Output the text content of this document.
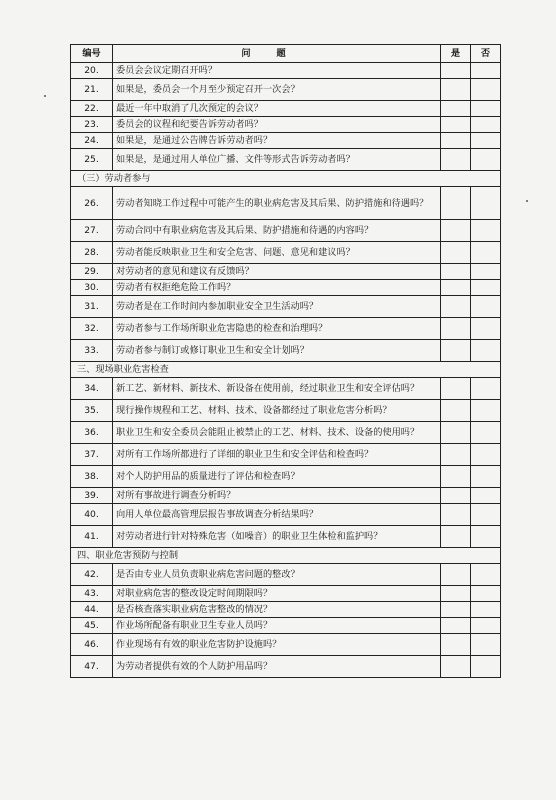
编号	问题	是	否
20.	委员会会议定期召开吗？		
21.	如果是，委员会一个月至少预定召开一次会？		
22.	最近一年中取消了几次预定的会议？		
23.	委员会的议程和纪要告诉劳动者吗？		
24.	如果是，是通过公告牌告诉劳动者吗？		
25.	如果是，是通过用人单位广播、文件等形式告诉劳动者吗？		
（三）劳动者参与			
26.	劳动者知晓工作过程中可能产生的职业病危害及其后果、防护措施和待遇吗？		
27.	劳动合同中有职业病危害及其后果、防护措施和待遇的内容吗？		
28.	劳动者能反映职业卫生和安全危害、问题、意见和建议吗？		
29.	对劳动者的意见和建议有反馈吗？		
30.	劳动者有权拒绝危险工作吗？		
31.	劳动者是在工作时间内参加职业安全卫生活动吗？		
32.	劳动者参与工作场所职业危害隐患的检查和治理吗？		
33.	劳动者参与制订或修订职业卫生和安全计划吗？		
三、现场职业危害检查			
34.	新工艺、新材料、新技术、新设备在使用前，经过职业卫生和安全评估吗？		
35.	现行操作规程和工艺、材料、技术、设备都经过了职业危害分析吗？		
36.	职业卫生和安全委员会能阻止被禁止的工艺、材料、技术、设备的使用吗？		
37.	对所有工作场所都进行了详细的职业卫生和安全评估和检查吗？		
38.	对个人防护用品的质量进行了评估和检查吗？		
39.	对所有事故进行调查分析吗？		
40.	向用人单位最高管理层报告事故调查分析结果吗？		
41.	对劳动者进行针对特殊危害（如噪音）的职业卫生体检和监护吗？		
四、职业危害预防与控制			
42.	是否由专业人员负责职业病危害问题的整改？		
43.	对职业病危害的整改设定时间期限吗？		
44.	是否核查落实职业病危害整改的情况？		
45.	作业场所配备有职业卫生专业人员吗？		
46.	作业现场有有效的职业危害防护设施吗？		
47.	为劳动者提供有效的个人防护用品吗？		
